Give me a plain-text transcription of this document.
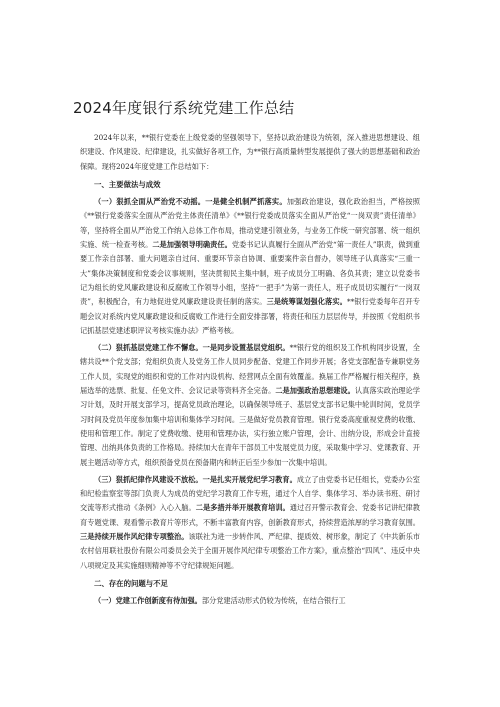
2024年度银行系统党建工作总结

2024年以来，**银行党委在上级党委的坚强领导下，坚持以政治建设为统领，深入推进思想建设、组织建设、作风建设、纪律建设，扎实做好各项工作，为**银行高质量转型发展提供了强大的思想基础和政治保障。现将2024年度党建工作总结如下：

一、主要做法与成效

（一）狠抓全面从严治党不动摇。一是健全机制严抓落实。加强政治建设，强化政治担当，严格按照《**银行党委落实全面从严治党主体责任清单》《**银行党委成员落实全面从严治党“一岗双责”责任清单》等，坚持将全面从严治党工作纳入总体工作布局，推动党建引领业务，与业务工作统一研究部署、统一组织实施、统一检查考核。二是加强领导明确责任。党委书记认真履行全面从严治党“第一责任人”职责，做到重要工作亲自部署、重大问题亲自过问、重要环节亲自协调、重要案件亲自督办，领导班子认真落实“三重一大”集体决策制度和党委会议事规则，坚决贯彻民主集中制，班子成员分工明确、各负其责；建立以党委书记为组长的党风廉政建设和反腐败工作领导小组，坚持“一把手”为第一责任人，班子成员切实履行“一岗双责”，积极配合，有力地促进党风廉政建设责任制的落实。三是统筹谋划强化落实。**银行党委每年召开专题会议对系统内党风廉政建设和反腐败工作进行全面安排部署，将责任和压力层层传导，并按照《党组织书记抓基层党建述职评议考核实施办法》严格考核。

（二）狠抓基层党建工作不懈怠。一是同步设置基层党组织。**银行党的组织及工作机构同步设置，全辖共设**个党支部；党组织负责人及党务工作人员同步配备、党建工作同步开展；各党支部配备专兼职党务工作人员，实现党的组织和党的工作对内设机构、经营网点全面有效覆盖。换届工作严格履行相关程序，换届选举的选票、批复、任免文件、会议记录等资料齐全完备。二是加强政治思想建设。认真落实政治理论学习计划，及时开展支部学习，提高党员政治理论，以确保领导班子、基层党支部书记集中轮训时间，党员学习时间及党员年度参加集中培训和集体学习时间。三是做好党员教育管理。银行党委高度重视党费的收缴、使用和管理工作。制定了党费收缴、使用和管理办法，实行独立账户管理，会计、出纳分设，形成会计直接管理、出纳具体负责的工作格局。持续加大在青年干部员工中发展党员力度，采取集中学习、党课教育、开展主题活动等方式，组织预备党员在预备期内和转正后至少参加一次集中培训。

（三）狠抓纪律作风建设不放松。一是扎实开展党纪学习教育。成立了由党委书记任组长，党委办公室和纪检监察室等部门负责人为成员的党纪学习教育工作专班，通过个人自学、集体学习、举办读书班、研讨交流等形式推动《条例》入心入脑。二是多措并举开展教育培训。通过召开警示教育会、党委书记讲纪律教育专题党课、观看警示教育片等形式，不断丰富教育内容，创新教育形式，持续营造浓厚的学习教育氛围。三是持续开展作风纪律专项整治。该联社为进一步转作风、严纪律、提质效、树形象，制定了《中共新乐市农村信用联社股份有限公司委员会关于全面开展作风纪律专项整治工作方案》，重点整治“四风”、违反中央八项规定及其实施细则精神等不守纪律规矩问题。

二、存在的问题与不足

（一）党建工作创新度有待加强。部分党建活动形式仍较为传统，在结合银行工
